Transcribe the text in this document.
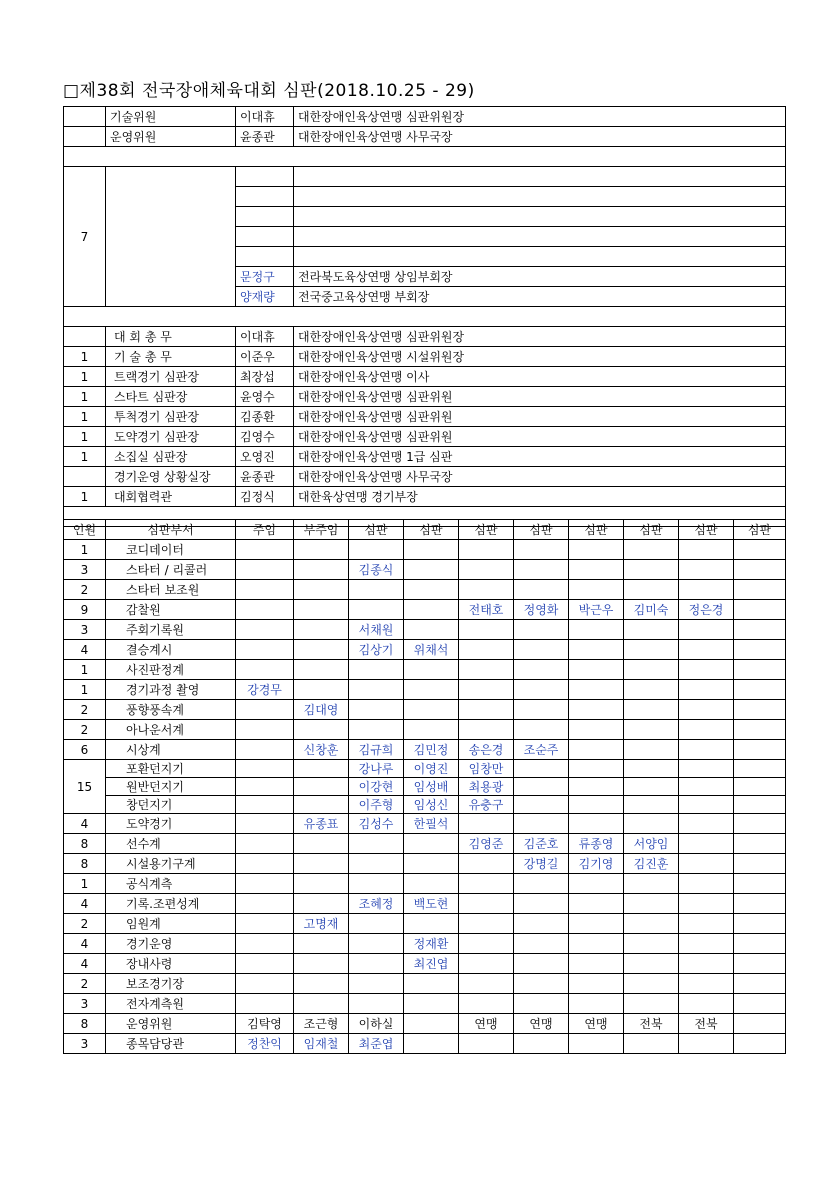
□제38회 전국장애체육대회 심판(2018.10.25 - 29)
	기술위원	이대휴	대한장애인육상연맹 심판위원장
	운영위원	윤종관	대한장애인육상연맹 사무국장

7			

		문정구	전라북도육상연맹 상임부회장
		양재량	전국중고육상연맹 부회장

	대 회 총 무	이대휴	대한장애인육상연맹 심판위원장
1	기 술 총 무	이준우	대한장애인육상연맹 시설위원장
1	트랙경기 심판장	최장섭	대한장애인육상연맹 이사
1	스타트 심판장	윤영수	대한장애인육상연맹 심판위원
1	투척경기 심판장	김종환	대한장애인육상연맹 심판위원
1	도약경기 심판장	김영수	대한장애인육상연맹 심판위원
1	소집실 심판장	오영진	대한장애인육상연맹 1급 심판
	경기운영 상황실장	윤종관	대한장애인육상연맹 사무국장
1	대회협력관	김정식	대한육상연맹 경기부장

인원	심판부서	주임	부주임	심판	심판	심판	심판	심판	심판	심판	심판
1	코디데이터										
3	스타터 / 리콜러			김종식							
2	스타터 보조원										
9	감찰원					전태호	정영화	박근우	김미숙	정은경	
3	주회기록원			서채원							
4	결승계시			김상기	위채석						
1	사진판정계										
1	경기과정 촬영	강경무									
2	풍향풍속계		김대영								
2	아나운서계										
6	시상계		신창훈	김규희	김민정	송은경	조순주				
15	포환던지기			강나루	이영진	임창만					
	원반던지기			이강현	임성배	최용광					
	창던지기			이주형	임성신	유충구					
4	도약경기		유종표	김성수	한필석						
8	선수계					김영준	김준호	류종영	서양임		
8	시설용기구계						강명길	김기영	김진훈		
1	공식계측										
4	기록.조편성계			조혜정	백도현						
2	임원계		고명재								
4	경기운영				정재환						
4	장내사령				최진엽						
2	보조경기장										
3	전자계측원										
8	운영위원	김탁영	조근형	이하실		연맹	연맹	연맹	전북	전북	
3	종목담당관	정찬익	임재철	최준엽							
